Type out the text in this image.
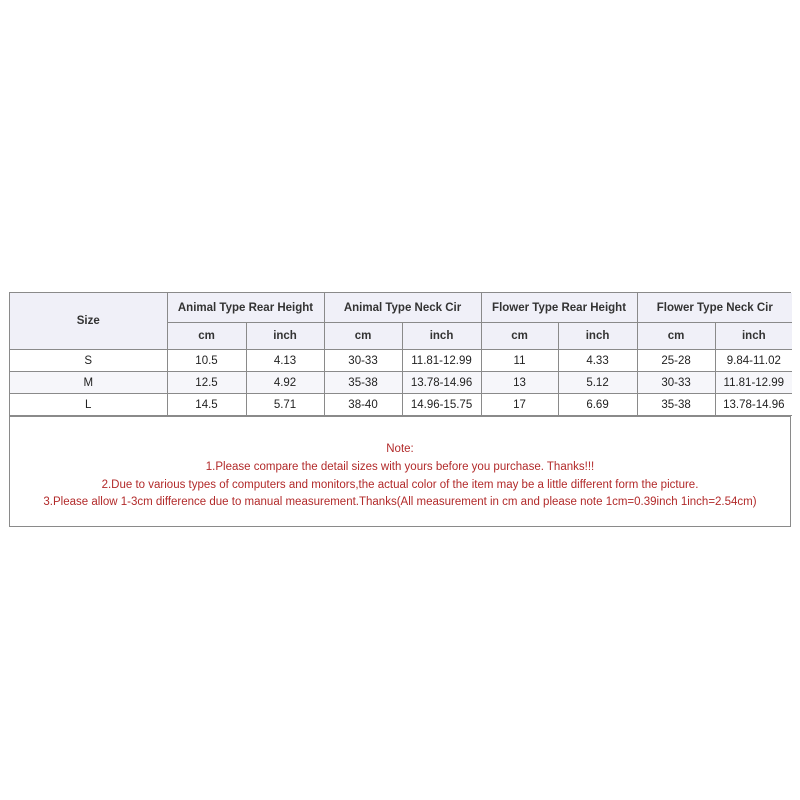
Size	Animal Type Rear Height		Animal Type Neck Cir		Flower Type Rear Height		Flower Type Neck Cir	
	cm	inch	cm	inch	cm	inch	cm	inch
S	10.5	4.13	30-33	11.81-12.99	11	4.33	25-28	9.84-11.02
M	12.5	4.92	35-38	13.78-14.96	13	5.12	30-33	11.81-12.99
L	14.5	5.71	38-40	14.96-15.75	17	6.69	35-38	13.78-14.96
Note:
1.Please compare the detail sizes with yours before you purchase. Thanks!!!
2.Due to various types of computers and monitors,the actual color of the item may be a little different form the picture.
3.Please allow 1-3cm difference due to manual measurement.Thanks(All measurement in cm and please note 1cm=0.39inch 1inch=2.54cm)
